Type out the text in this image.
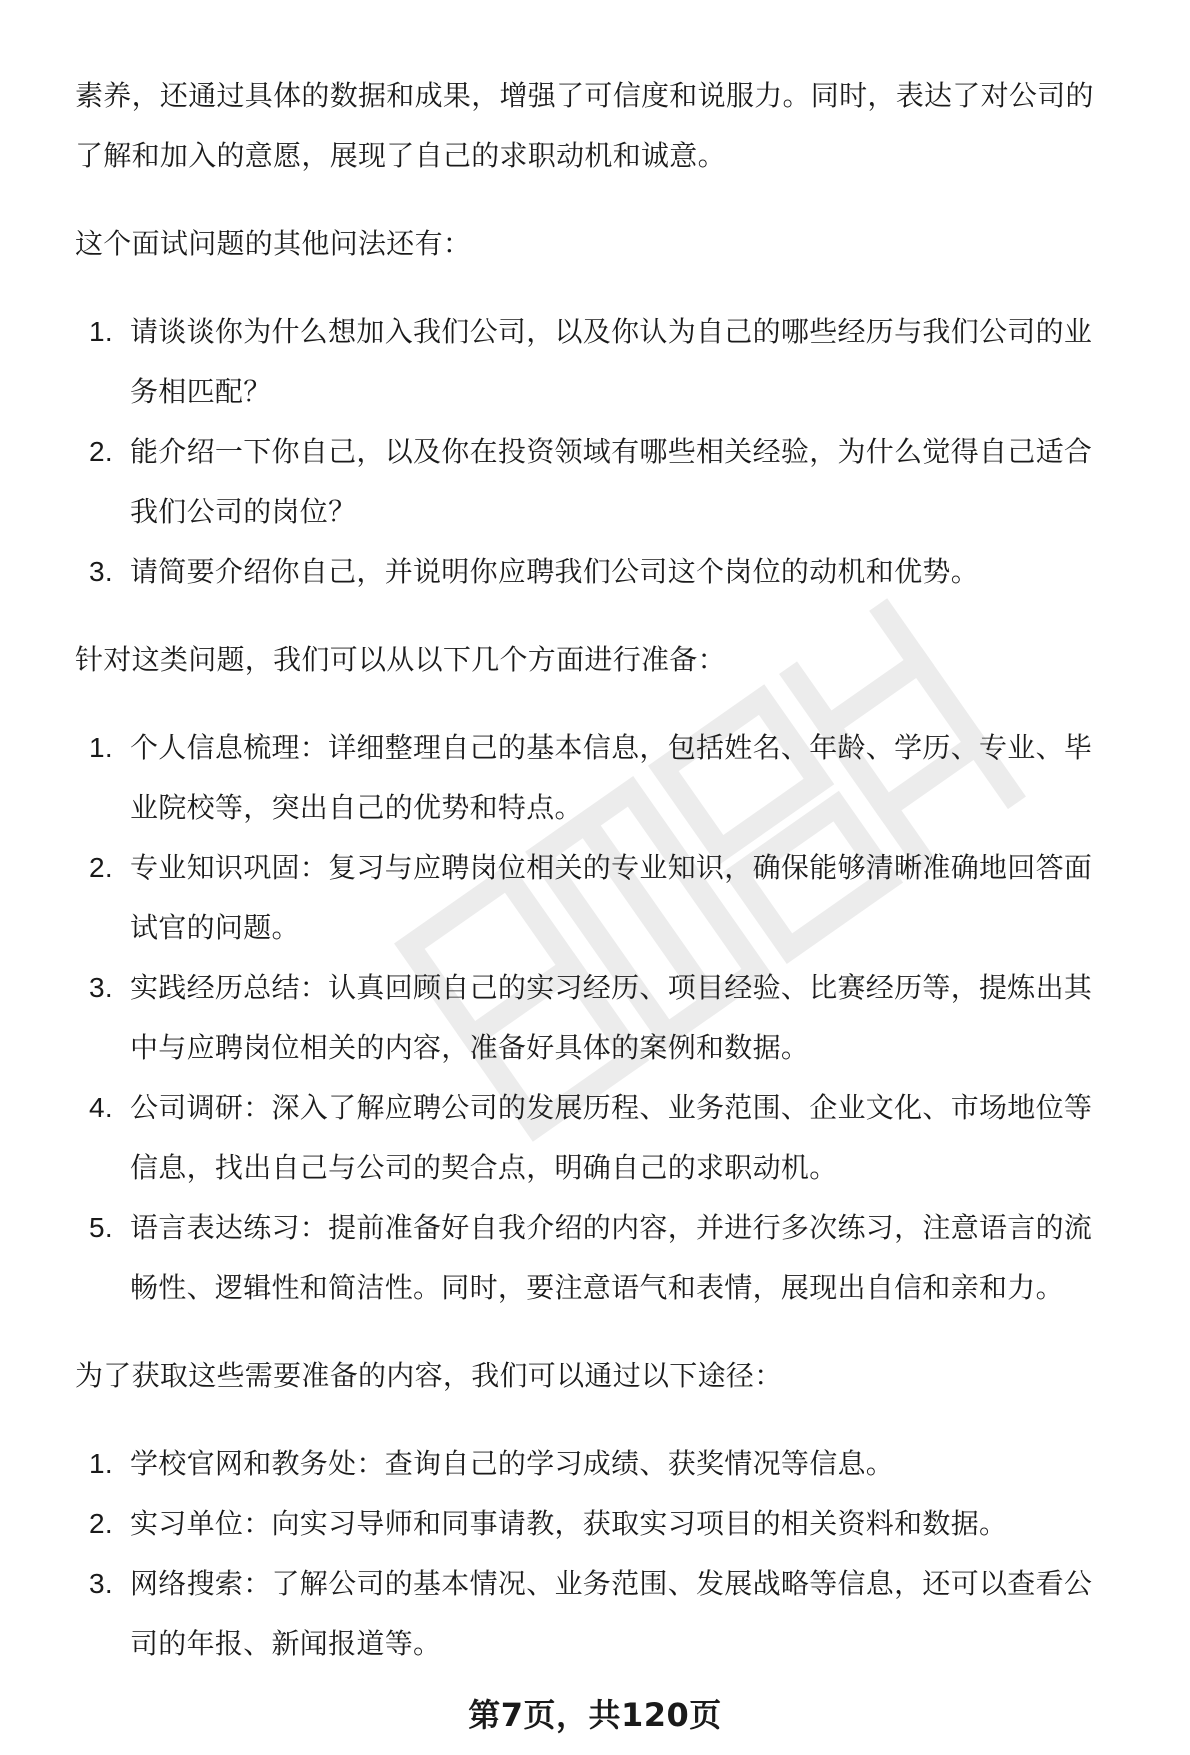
素养，还通过具体的数据和成果，增强了可信度和说服力。同时，表达了对公司的

了解和加入的意愿，展现了自己的求职动机和诚意。

这个面试问题的其他问法还有：

1. 请谈谈你为什么想加入我们公司，以及你认为自己的哪些经历与我们公司的业
务相匹配？
2. 能介绍一下你自己，以及你在投资领域有哪些相关经验，为什么觉得自己适合
我们公司的岗位？
3. 请简要介绍你自己，并说明你应聘我们公司这个岗位的动机和优势。

针对这类问题，我们可以从以下几个方面进行准备：

1. 个人信息梳理：详细整理自己的基本信息，包括姓名、年龄、学历、专业、毕
业院校等，突出自己的优势和特点。
2. 专业知识巩固：复习与应聘岗位相关的专业知识，确保能够清晰准确地回答面
试官的问题。
3. 实践经历总结：认真回顾自己的实习经历、项目经验、比赛经历等，提炼出其
中与应聘岗位相关的内容，准备好具体的案例和数据。
4. 公司调研：深入了解应聘公司的发展历程、业务范围、企业文化、市场地位等
信息，找出自己与公司的契合点，明确自己的求职动机。
5. 语言表达练习：提前准备好自我介绍的内容，并进行多次练习，注意语言的流
畅性、逻辑性和简洁性。同时，要注意语气和表情，展现出自信和亲和力。

为了获取这些需要准备的内容，我们可以通过以下途径：

1. 学校官网和教务处：查询自己的学习成绩、获奖情况等信息。
2. 实习单位：向实习导师和同事请教，获取实习项目的相关资料和数据。
3. 网络搜索：了解公司的基本情况、业务范围、发展战略等信息，还可以查看公
司的年报、新闻报道等。
第7页，共120页
